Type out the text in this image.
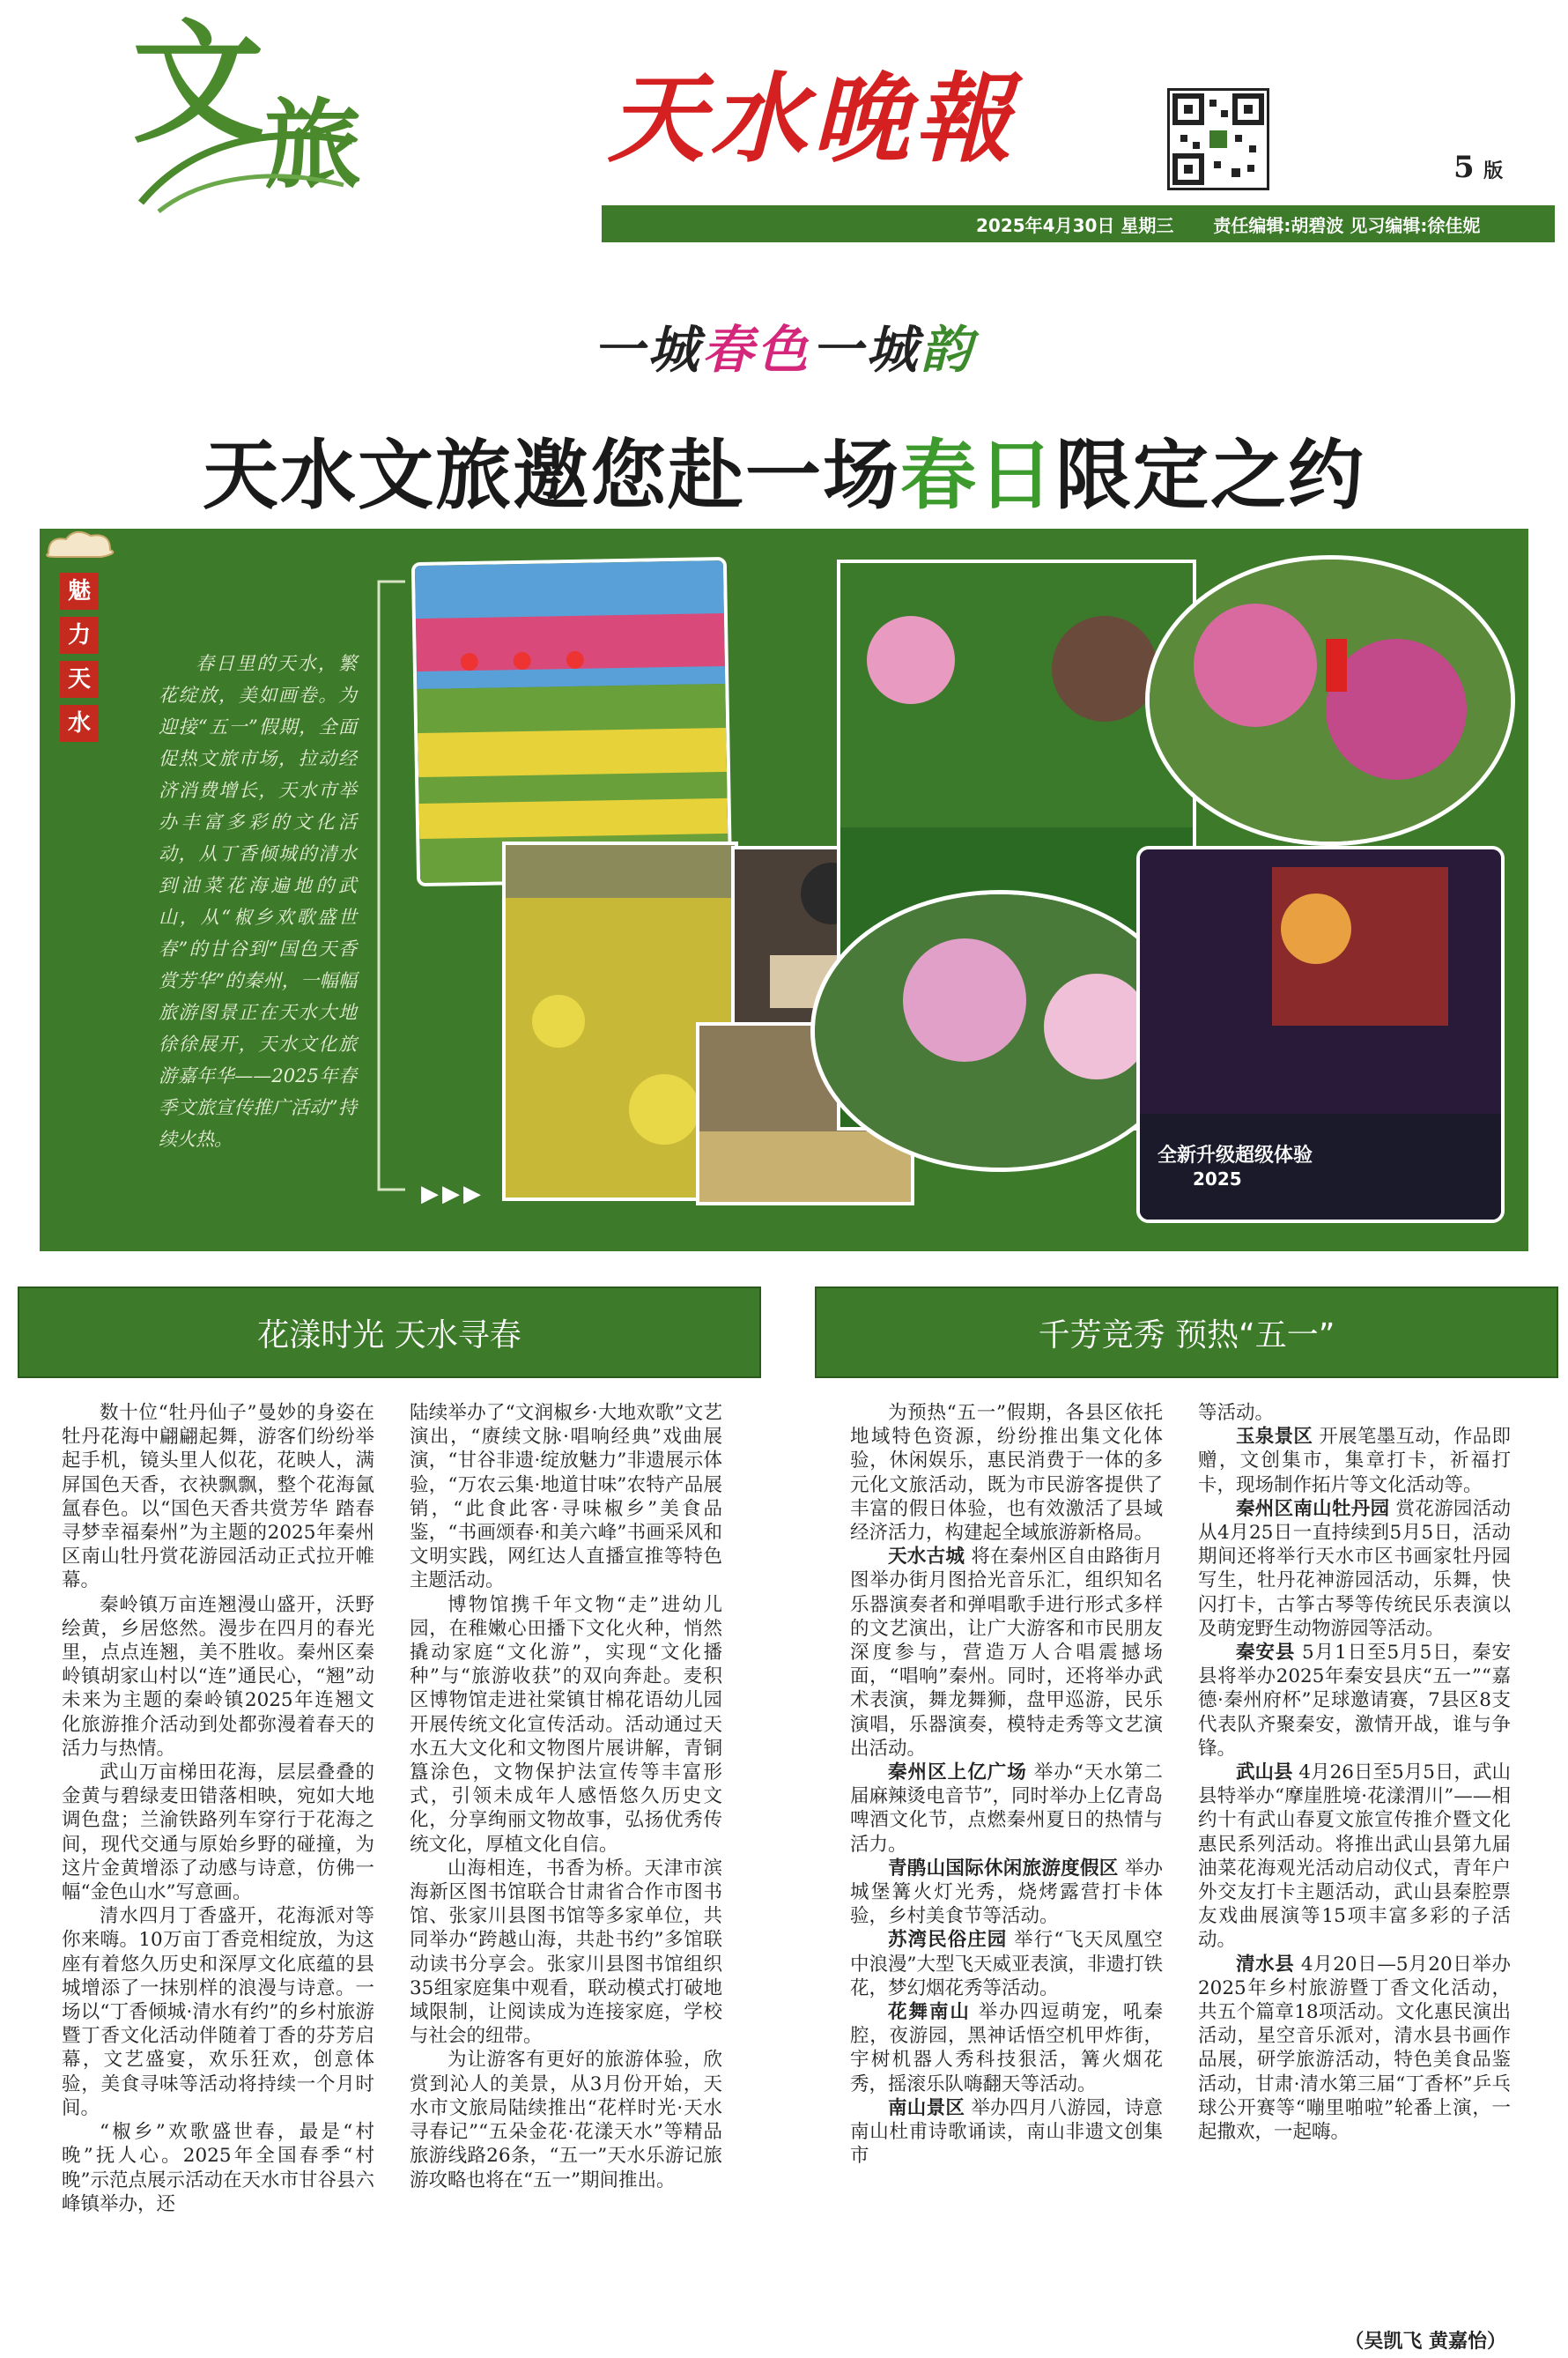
文 旅	天水晚報	5 版
2025年4月30日 星期三 责任编辑:胡碧波 见习编辑:徐佳妮
一城春色一城韵
天水文旅邀您赴一场春日限定之约
魅
力
天
水
春日里的天水，繁花绽放，美如画卷。为迎接“五一”假期，全面促热文旅市场，拉动经济消费增长，天水市举办丰富多彩的文化活动，从丁香倾城的清水到油菜花海遍地的武山，从“椒乡欢歌盛世春”的甘谷到“国色天香赏芳华”的秦州，一幅幅旅游图景正在天水大地徐徐展开，天水文化旅游嘉年华——2025年春季文旅宣传推广活动”持续火热。
▶▶▶
全新升级超级体验
2025
花漾时光 天水寻春	千芳竞秀 预热“五一”

数十位“牡丹仙子”曼妙的身姿在牡丹花海中翩翩起舞，游客们纷纷举起手机，镜头里人似花，花映人，满屏国色天香，衣袂飘飘，整个花海氤氲春色。以“国色天香共赏芳华 踏春寻梦幸福秦州”为主题的2025年秦州区南山牡丹赏花游园活动正式拉开帷幕。

秦岭镇万亩连翘漫山盛开，沃野绘黄，乡居悠然。漫步在四月的春光里，点点连翘，美不胜收。秦州区秦岭镇胡家山村以“连”通民心，“翘”动未来为主题的秦岭镇2025年连翘文化旅游推介活动到处都弥漫着春天的活力与热情。

武山万亩梯田花海，层层叠叠的金黄与碧绿麦田错落相映，宛如大地调色盘；兰渝铁路列车穿行于花海之间，现代交通与原始乡野的碰撞，为这片金黄增添了动感与诗意，仿佛一幅“金色山水”写意画。

清水四月丁香盛开，花海派对等你来嗨。10万亩丁香竞相绽放，为这座有着悠久历史和深厚文化底蕴的县城增添了一抹别样的浪漫与诗意。一场以“丁香倾城·清水有约”的乡村旅游暨丁香文化活动伴随着丁香的芬芳启幕，文艺盛宴，欢乐狂欢，创意体验，美食寻味等活动将持续一个月时间。

“椒乡”欢歌盛世春，最是“村晚”抚人心。2025年全国春季“村晚”示范点展示活动在天水市甘谷县六峰镇举办，还

陆续举办了“文润椒乡·大地欢歌”文艺演出，“赓续文脉·唱响经典”戏曲展演，“甘谷非遗·绽放魅力”非遗展示体验，“万农云集·地道甘味”农特产品展销，“此食此客·寻味椒乡”美食品鉴，“书画颂春·和美六峰”书画采风和文明实践，网红达人直播宣推等特色主题活动。

博物馆携千年文物“走”进幼儿园，在稚嫩心田播下文化火种，悄然撬动家庭“文化游”，实现“文化播种”与“旅游收获”的双向奔赴。麦积区博物馆走进社棠镇甘棉花语幼儿园开展传统文化宣传活动。活动通过天水五大文化和文物图片展讲解，青铜簋涂色，文物保护法宣传等丰富形式，引领未成年人感悟悠久历史文化，分享绚丽文物故事，弘扬优秀传统文化，厚植文化自信。

山海相连，书香为桥。天津市滨海新区图书馆联合甘肃省合作市图书馆、张家川县图书馆等多家单位，共同举办“跨越山海，共赴书约”多馆联动读书分享会。张家川县图书馆组织35组家庭集中观看，联动模式打破地域限制，让阅读成为连接家庭，学校与社会的纽带。

为让游客有更好的旅游体验，欣赏到沁人的美景，从3月份开始，天水市文旅局陆续推出“花样时光·天水寻春记”“五朵金花·花漾天水”等精品旅游线路26条，“五一”天水乐游记旅游攻略也将在“五一”期间推出。

为预热“五一”假期，各县区依托地域特色资源，纷纷推出集文化体验，休闲娱乐，惠民消费于一体的多元化文旅活动，既为市民游客提供了丰富的假日体验，也有效激活了县域经济活力，构建起全域旅游新格局。

天水古城 将在秦州区自由路街月图举办街月图拾光音乐汇，组织知名乐器演奏者和弹唱歌手进行形式多样的文艺演出，让广大游客和市民朋友深度参与，营造万人合唱震撼场面，“唱响”秦州。同时，还将举办武术表演，舞龙舞狮，盘甲巡游，民乐演唱，乐器演奏，模特走秀等文艺演出活动。

秦州区上亿广场 举办“天水第二届麻辣烫电音节”，同时举办上亿青岛啤酒文化节，点燃秦州夏日的热情与活力。

青鹃山国际休闲旅游度假区 举办城堡篝火灯光秀，烧烤露营打卡体验，乡村美食节等活动。

苏湾民俗庄园 举行“飞天凤凰空中浪漫”大型飞天威亚表演，非遗打铁花，梦幻烟花秀等活动。

花舞南山 举办四逗萌宠，吼秦腔，夜游园，黑神话悟空机甲炸街，宇树机器人秀科技狠活，篝火烟花秀，摇滚乐队嗨翻天等活动。

南山景区 举办四月八游园，诗意南山杜甫诗歌诵读，南山非遗文创集市

等活动。

玉泉景区 开展笔墨互动，作品即赠，文创集市，集章打卡，祈福打卡，现场制作拓片等文化活动等。

秦州区南山牡丹园 赏花游园活动从4月25日一直持续到5月5日，活动期间还将举行天水市区书画家牡丹园写生，牡丹花神游园活动，乐舞，快闪打卡，古筝古琴等传统民乐表演以及萌宠野生动物游园等活动。

秦安县 5月1日至5月5日，秦安县将举办2025年秦安县庆“五一”“嘉德·秦州府杯”足球邀请赛，7县区8支代表队齐聚秦安，激情开战，谁与争锋。

武山县 4月26日至5月5日，武山县特举办“摩崖胜境·花漾渭川”——相约十有武山春夏文旅宣传推介暨文化惠民系列活动。将推出武山县第九届油菜花海观光活动启动仪式，青年户外交友打卡主题活动，武山县秦腔票友戏曲展演等15项丰富多彩的子活动。

清水县 4月20日—5月20日举办2025年乡村旅游暨丁香文化活动，共五个篇章18项活动。文化惠民演出活动，星空音乐派对，清水县书画作品展，研学旅游活动，特色美食品鉴活动，甘肃·清水第三届“丁香杯”乒乓球公开赛等“嘣里啪啦”轮番上演，一起撒欢，一起嗨。

（吴凯飞 黄嘉怡）
